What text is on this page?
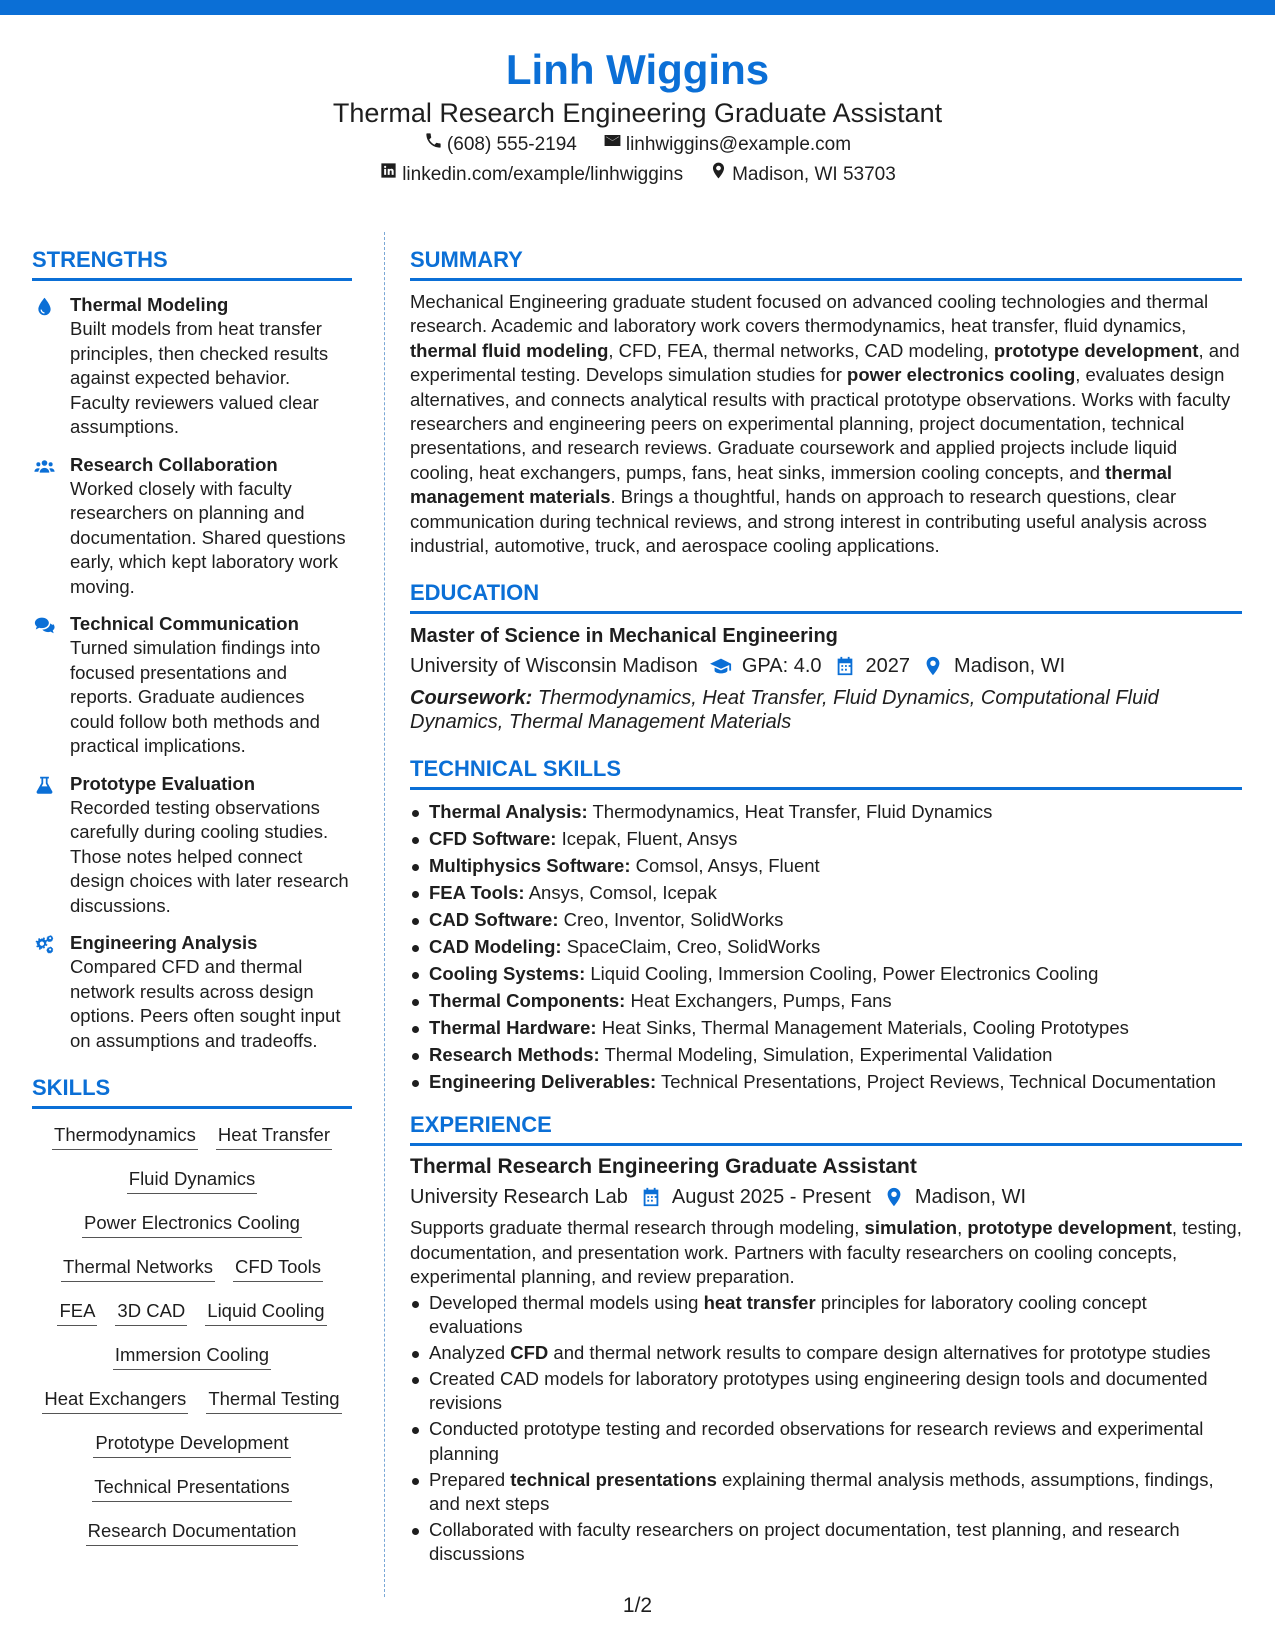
Linh Wiggins
Thermal Research Engineering Graduate Assistant
(608) 555-2194	linhwiggins@example.com
linkedin.com/example/linhwiggins	Madison, WI 53703
STRENGTHS
Thermal Modeling
Built models from heat transfer principles, then checked results against expected behavior. Faculty reviewers valued clear assumptions.
Research Collaboration
Worked closely with faculty researchers on planning and documentation. Shared questions early, which kept laboratory work moving.
Technical Communication
Turned simulation findings into focused presentations and reports. Graduate audiences could follow both methods and practical implications.
Prototype Evaluation
Recorded testing observations carefully during cooling studies. Those notes helped connect design choices with later research discussions.
Engineering Analysis
Compared CFD and thermal network results across design options. Peers often sought input on assumptions and tradeoffs.
SKILLS
Thermodynamics Heat Transfer
Fluid Dynamics
Power Electronics Cooling
Thermal Networks CFD Tools
FEA 3D CAD Liquid Cooling
Immersion Cooling
Heat Exchangers Thermal Testing
Prototype Development
Technical Presentations
Research Documentation
SUMMARY
Mechanical Engineering graduate student focused on advanced cooling technologies and thermal research. Academic and laboratory work covers thermodynamics, heat transfer, fluid dynamics, thermal fluid modeling, CFD, FEA, thermal networks, CAD modeling, prototype development, and experimental testing. Develops simulation studies for power electronics cooling, evaluates design alternatives, and connects analytical results with practical prototype observations. Works with faculty researchers and engineering peers on experimental planning, project documentation, technical presentations, and research reviews. Graduate coursework and applied projects include liquid cooling, heat exchangers, pumps, fans, heat sinks, immersion cooling concepts, and thermal management materials. Brings a thoughtful, hands on approach to research questions, clear communication during technical reviews, and strong interest in contributing useful analysis across industrial, automotive, truck, and aerospace cooling applications.
EDUCATION
Master of Science in Mechanical Engineering
University of Wisconsin Madison GPA: 4.0 2027 Madison, WI
Coursework: Thermodynamics, Heat Transfer, Fluid Dynamics, Computational Fluid Dynamics, Thermal Management Materials
TECHNICAL SKILLS
Thermal Analysis: Thermodynamics, Heat Transfer, Fluid Dynamics
CFD Software: Icepak, Fluent, Ansys
Multiphysics Software: Comsol, Ansys, Fluent
FEA Tools: Ansys, Comsol, Icepak
CAD Software: Creo, Inventor, SolidWorks
CAD Modeling: SpaceClaim, Creo, SolidWorks
Cooling Systems: Liquid Cooling, Immersion Cooling, Power Electronics Cooling
Thermal Components: Heat Exchangers, Pumps, Fans
Thermal Hardware: Heat Sinks, Thermal Management Materials, Cooling Prototypes
Research Methods: Thermal Modeling, Simulation, Experimental Validation
Engineering Deliverables: Technical Presentations, Project Reviews, Technical Documentation
EXPERIENCE
Thermal Research Engineering Graduate Assistant
University Research Lab August 2025 - Present Madison, WI
Supports graduate thermal research through modeling, simulation, prototype development, testing, documentation, and presentation work. Partners with faculty researchers on cooling concepts, experimental planning, and review preparation.
Developed thermal models using heat transfer principles for laboratory cooling concept evaluations
Analyzed CFD and thermal network results to compare design alternatives for prototype studies
Created CAD models for laboratory prototypes using engineering design tools and documented revisions
Conducted prototype testing and recorded observations for research reviews and experimental planning
Prepared technical presentations explaining thermal analysis methods, assumptions, findings, and next steps
Collaborated with faculty researchers on project documentation, test planning, and research discussions
1/2
